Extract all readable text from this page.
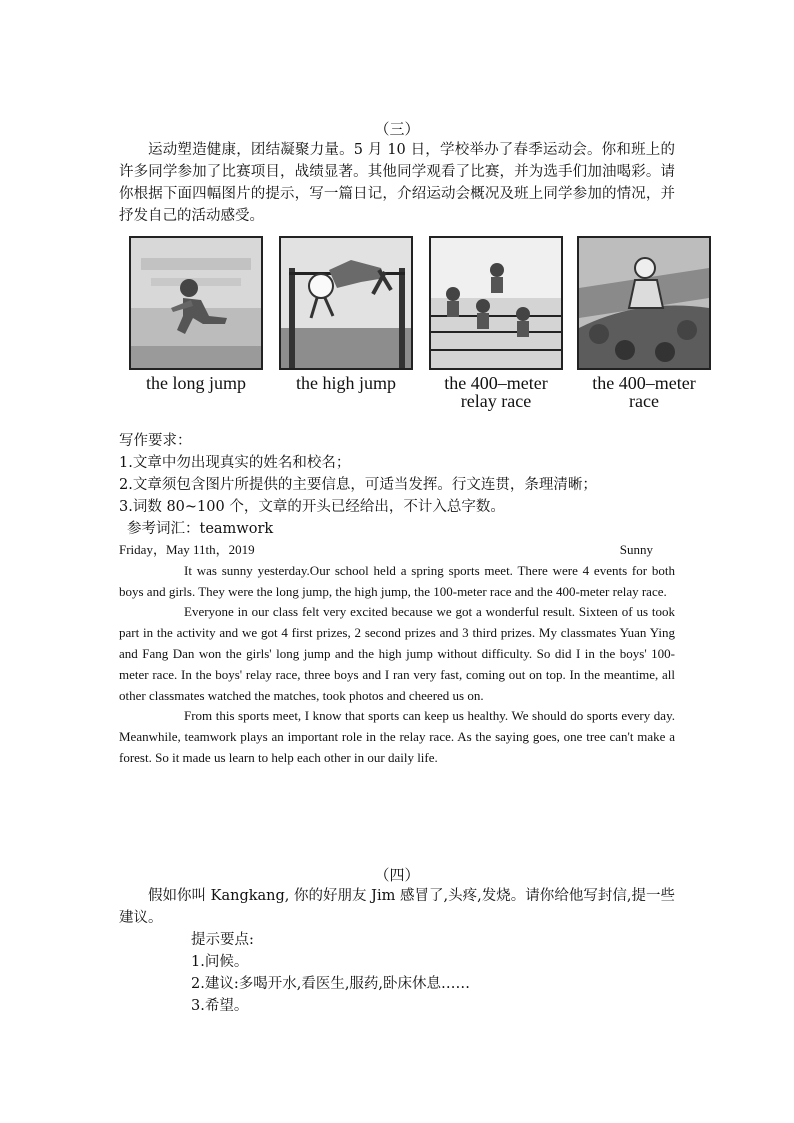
（三）

运动塑造健康，团结凝聚力量。5 月 10 日，学校举办了春季运动会。你和班上的许多同学参加了比赛项目，战绩显著。其他同学观看了比赛，并为选手们加油喝彩。请你根据下面四幅图片的提示，写一篇日记，介绍运动会概况及班上同学参加的情况，并抒发自己的活动感受。

the long jump	the high jump	the 400–meter
relay race
the 400–meter
race

写作要求：

1.文章中勿出现真实的姓名和校名；

2.文章须包含图片所提供的主要信息，可适当发挥。行文连贯，条理清晰；

3.词数 80~100 个，文章的开头已经给出，不计入总字数。

参考词汇：teamwork

Friday，May 11th，2019	Sunny

It was sunny yesterday.Our school held a spring sports meet. There were 4 events for both boys and girls. They were the long jump, the high jump, the 100-meter race and the 400-meter relay race.

Everyone in our class felt very excited because we got a wonderful result. Sixteen of us took part in the activity and we got 4 first prizes, 2 second prizes and 3 third prizes. My classmates Yuan Ying and Fang Dan won the girls' long jump and the high jump without difficulty. So did I in the boys' 100-meter race. In the boys' relay race, three boys and I ran very fast, coming out on top. In the meantime, all other classmates watched the matches, took photos and cheered us on.

From this sports meet, I know that sports can keep us healthy. We should do sports every day. Meanwhile, teamwork plays an important role in the relay race. As the saying goes, one tree can't make a forest. So it made us learn to help each other in our daily life.

（四）

假如你叫 Kangkang, 你的好朋友 Jim 感冒了,头疼,发烧。请你给他写封信,提一些建议。

提示要点:
1.问候。
2.建议:多喝开水,看医生,服药,卧床休息……
3.希望。
